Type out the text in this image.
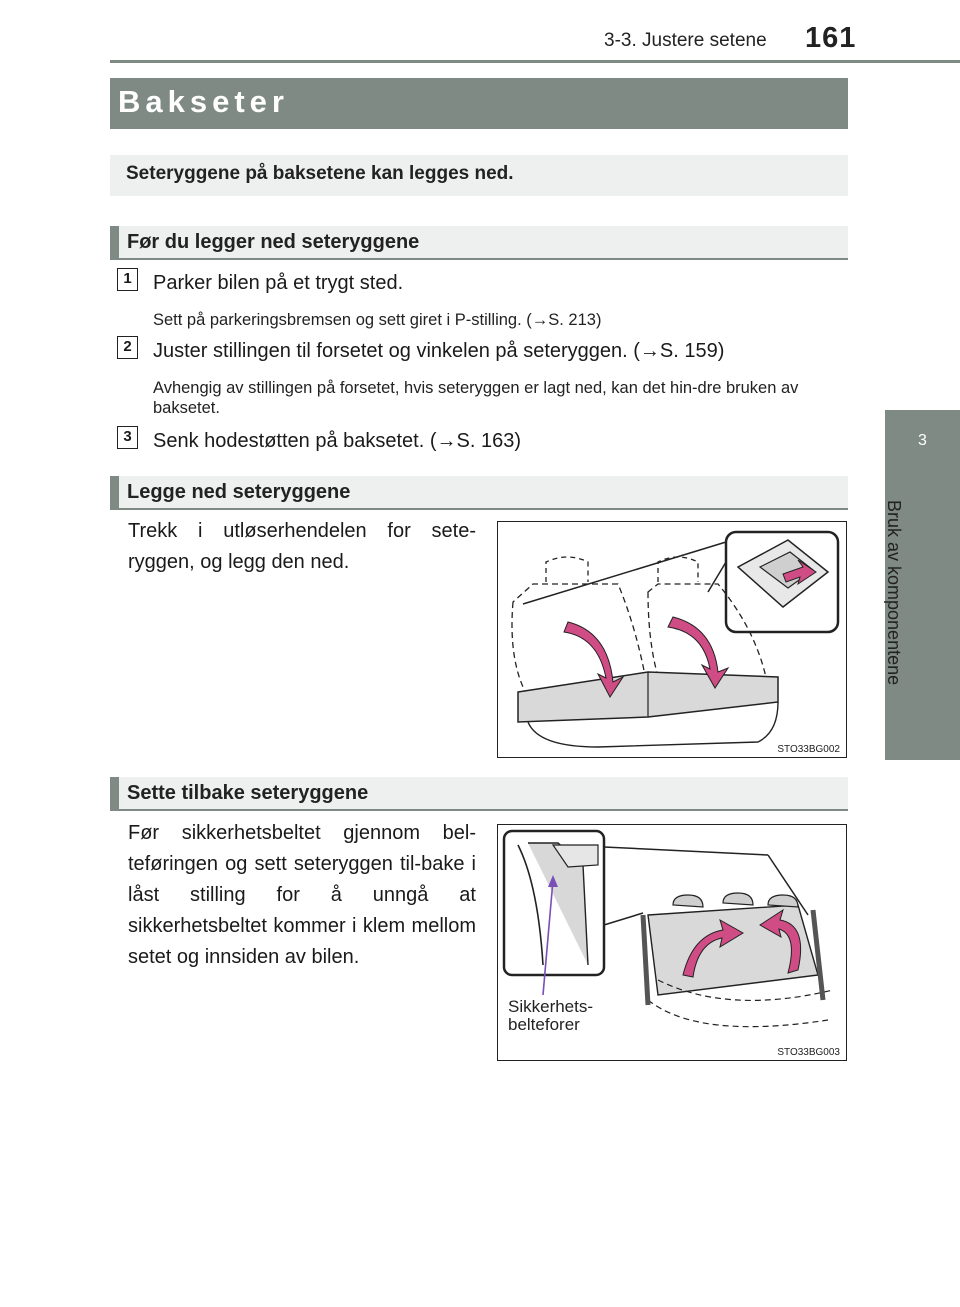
3-3. Justere setene 161
3
Bruk av komponentene
Bakseter
Seteryggene på baksetene kan legges ned.
Før du legger ned seteryggene
1	Parker bilen på et trygt sted.
Sett på parkeringsbremsen og sett giret i P-stilling. (→S. 213)
2	Juster stillingen til forsetet og vinkelen på seteryggen. (→S. 159)
Avhengig av stillingen på forsetet, hvis seteryggen er lagt ned, kan det hin-dre bruken av baksetet.
3	Senk hodestøtten på baksetet. (→S. 163)
Legge ned seteryggene
Trekk i utløserhendelen for sete-ryggen, og legg den ned.
STO33BG002
Sette tilbake seteryggene
Før sikkerhetsbeltet gjennom bel-teføringen og sett seteryggen til-bake i låst stilling for å unngå at sikkerhetsbeltet kommer i klem mellom setet og innsiden av bilen.
Sikkerhets-
belteforer
STO33BG003
